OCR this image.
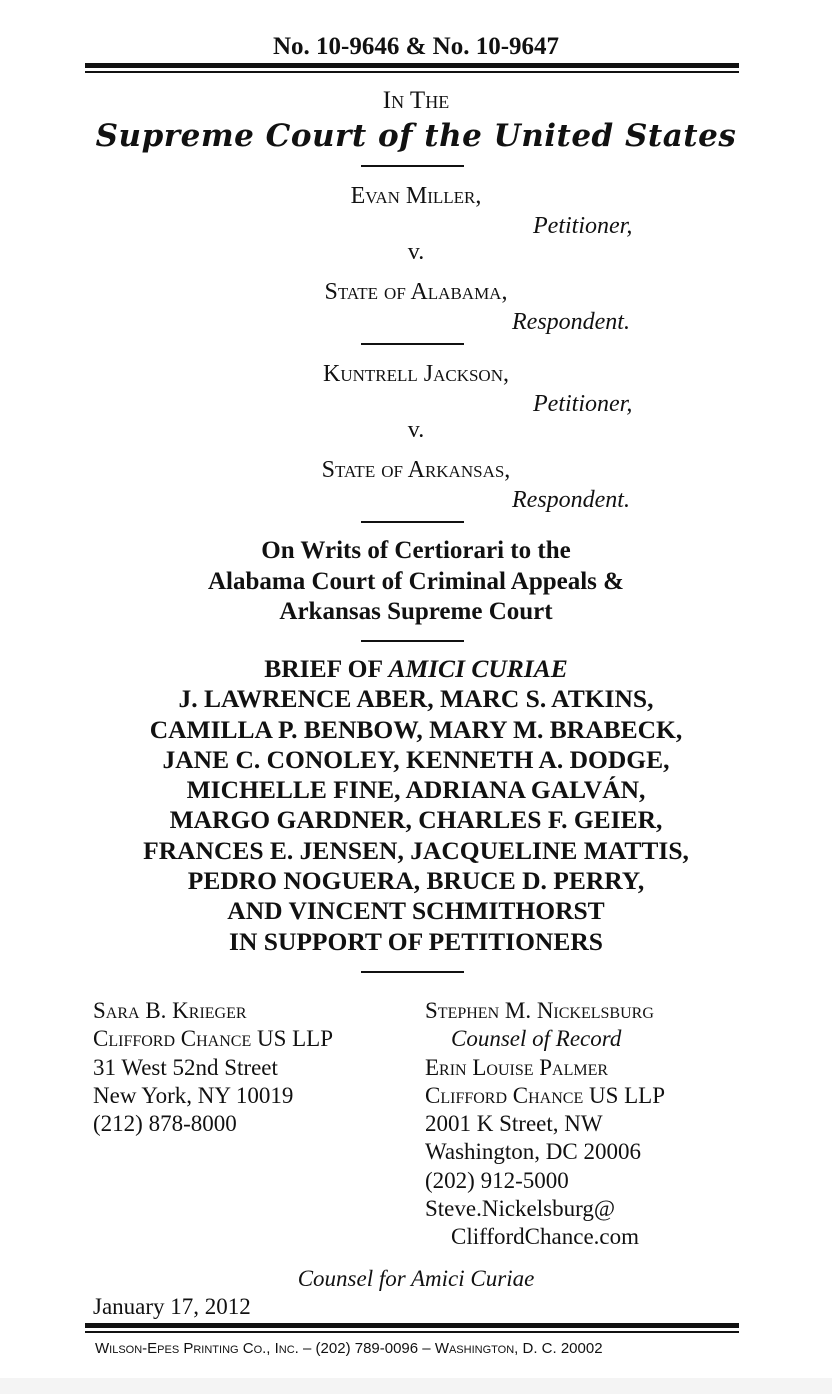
No. 10-9646 & No. 10-9647
In The
Supreme Court of the United States
Evan Miller,
Petitioner,
v.
State of Alabama,
Respondent.
Kuntrell Jackson,
Petitioner,
v.
State of Arkansas,
Respondent.
On Writs of Certiorari to the
Alabama Court of Criminal Appeals &
Arkansas Supreme Court
BRIEF OF AMICI CURIAE
J. LAWRENCE ABER, MARC S. ATKINS,
CAMILLA P. BENBOW, MARY M. BRABECK,
JANE C. CONOLEY, KENNETH A. DODGE,
MICHELLE FINE, ADRIANA GALVÁN,
MARGO GARDNER, CHARLES F. GEIER,
FRANCES E. JENSEN, JACQUELINE MATTIS,
PEDRO NOGUERA, BRUCE D. PERRY,
AND VINCENT SCHMITHORST
IN SUPPORT OF PETITIONERS
Sara B. Krieger
Clifford Chance US LLP
31 West 52nd Street
New York, NY 10019
(212) 878-8000
Stephen M. Nickelsburg
Counsel of Record
Erin Louise Palmer
Clifford Chance US LLP
2001 K Street, NW
Washington, DC 20006
(202) 912-5000
Steve.Nickelsburg@
CliffordChance.com
Counsel for Amici Curiae
January 17, 2012
Wilson-Epes Printing Co., Inc. – (202) 789-0096 – Washington, D. C. 20002
